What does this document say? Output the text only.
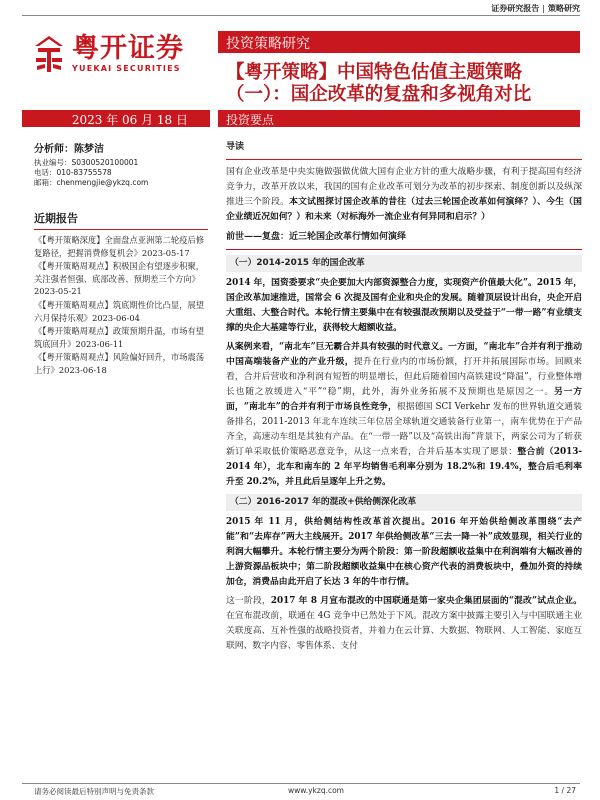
证券研究报告 | 策略研究
粤开证券
YUEKAI SECURITIES
投资策略研究
【粤开策略】中国特色估值主题策略
（一）：国企改革的复盘和多视角对比
2023 年 06 月 18 日	投资要点
分析师：陈梦洁
执业编号：S0300520100001
电话：010-83755578
邮箱：chenmengjie@ykzq.com
近期报告
《【粤开策略深度】全面盘点亚洲第二轮疫后修复路径，把握消费修复机会》2023-05-17
《【粤开策略周观点】积极国企有望逐步积聚，关注强者恒强、底部改善、预期差三个方向》2023-05-21
《【粤开策略周观点】筑底期性价比凸显，展望六月保持乐观》2023-06-04
《【粤开策略周观点】政策预期升温，市场有望筑底回升》2023-06-11
《【粤开策略周观点】风险偏好回升，市场震荡上行》2023-06-18
导读
国有企业改革是中央实施做强做优做大国有企业方针的重大战略步骤，有利于提高国有经济竞争力，改革开放以来，我国的国有企业改革可划分为改革的初步探索、制度创新以及纵深推进三个阶段。本文试图探讨国企改革的昔往（过去三轮国企改革如何演绎？）、今生（国企业绩近况如何？）和未来（对标海外一流企业有何异同和启示？）
前世——复盘：近三轮国企改革行情如何演绎
（一）2014-2015 年的国企改革
2014 年，国资委要求“央企要加大内部资源整合力度，实现资产价值最大化”。2015 年，国企改革加速推进，国常会 6 次提及国有企业和央企的发展。随着顶层设计出台，央企开启大重组、大整合时代。本轮行情主要集中在有较强混改预期以及受益于“一带一路”有业绩支撑的央企大基建等行业，获得较大超额收益。
从案例来看，“南北车”巨无霸合并具有较强的时代意义。一方面，“南北车”合并有利于推动中国高端装备产业的产业升级，提升在行业内的市场份额，打开并拓展国际市场。回顾来看，合并后营收和净利润有短暂的明显增长，但此后随着国内高铁建设“降温”，行业整体增长也随之放缓进入“平”“稳”期，此外，海外业务拓展不及预期也是原因之一。另一方面，“南北车”的合并有利于市场良性竞争，根据德国 SCI Verkehr 发布的世界轨道交通装备排名，2011-2013 年北车连续三年位居全球轨道交通装备行业第一，南车优势在于产品齐全，高速动车组是其独有产品。在“一带一路”以及“高铁出海”背景下，两家公司为了斩获新订单采取低价策略恶意竞争，从这一点来看，合并后基本实现了愿景：整合前（2013-2014 年），北车和南车的 2 年平均销售毛利率分别为 18.2%和 19.4%，整合后毛利率升至 20.2%，并且此后呈逐年上升之势。
（二）2016-2017 年的混改+供给侧深化改革
2015 年 11 月，供给侧结构性改革首次提出。2016 年开始供给侧改革围绕“去产能”和“去库存”两大主线展开。2017 年供给侧改革“三去一降一补”成效显现，相关行业的利润大幅攀升。本轮行情主要分为两个阶段：第一阶段超额收益集中在利润端有大幅改善的上游资源品板块中；第二阶段超额收益集中在核心资产代表的消费板块中，叠加外资的持续加仓，消费品由此开启了长达 3 年的牛市行情。
这一阶段，2017 年 8 月宣布混改的中国联通是第一家央企集团层面的“混改”试点企业。在宣布混改前，联通在 4G 竞争中已然处于下风。混改方案中披露主要引入与中国联通主业关联度高、互补性强的战略投资者，并着力在云计算、大数据、物联网、人工智能、家庭互联网、数字内容、零售体系、支付
请务必阅读最后特别声明与免责条款	www.ykzq.com	1 / 27
